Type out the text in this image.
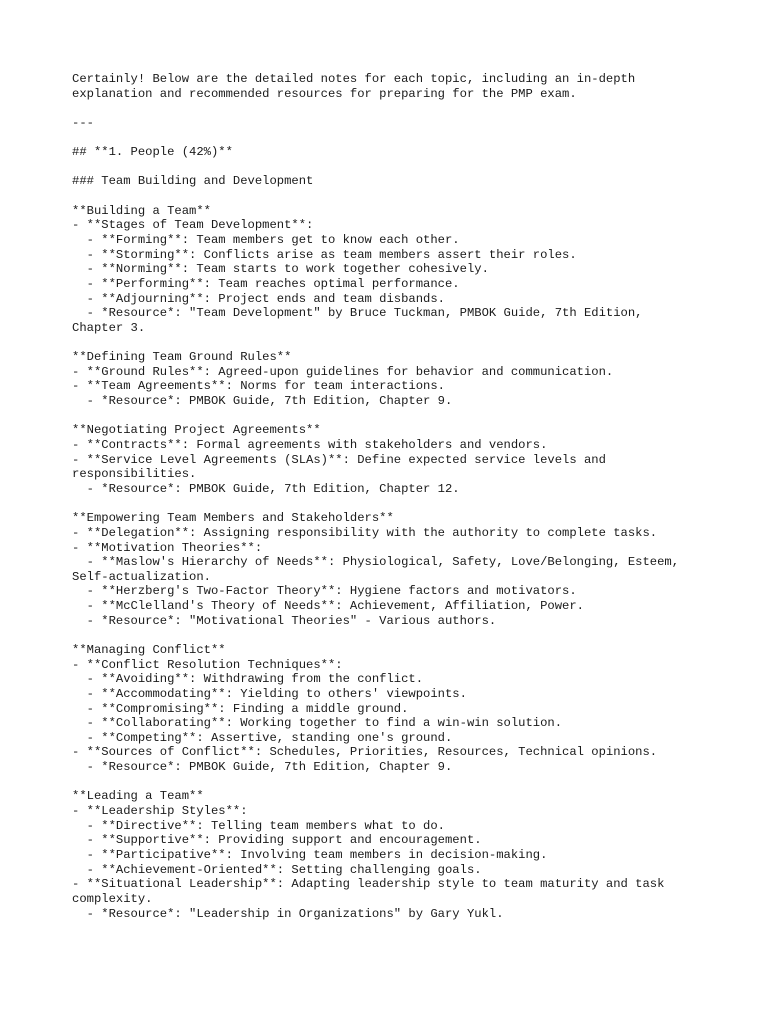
Certainly! Below are the detailed notes for each topic, including an in-depth
explanation and recommended resources for preparing for the PMP exam.
---
## **1. People (42%)**
### Team Building and Development
**Building a Team**
- **Stages of Team Development**:
- **Forming**: Team members get to know each other.
- **Storming**: Conflicts arise as team members assert their roles.
- **Norming**: Team starts to work together cohesively.
- **Performing**: Team reaches optimal performance.
- **Adjourning**: Project ends and team disbands.
- *Resource*: "Team Development" by Bruce Tuckman, PMBOK Guide, 7th Edition,
Chapter 3.
**Defining Team Ground Rules**
- **Ground Rules**: Agreed-upon guidelines for behavior and communication.
- **Team Agreements**: Norms for team interactions.
- *Resource*: PMBOK Guide, 7th Edition, Chapter 9.
**Negotiating Project Agreements**
- **Contracts**: Formal agreements with stakeholders and vendors.
- **Service Level Agreements (SLAs)**: Define expected service levels and
responsibilities.
- *Resource*: PMBOK Guide, 7th Edition, Chapter 12.
**Empowering Team Members and Stakeholders**
- **Delegation**: Assigning responsibility with the authority to complete tasks.
- **Motivation Theories**:
- **Maslow's Hierarchy of Needs**: Physiological, Safety, Love/Belonging, Esteem,
Self-actualization.
- **Herzberg's Two-Factor Theory**: Hygiene factors and motivators.
- **McClelland's Theory of Needs**: Achievement, Affiliation, Power.
- *Resource*: "Motivational Theories" - Various authors.
**Managing Conflict**
- **Conflict Resolution Techniques**:
- **Avoiding**: Withdrawing from the conflict.
- **Accommodating**: Yielding to others' viewpoints.
- **Compromising**: Finding a middle ground.
- **Collaborating**: Working together to find a win-win solution.
- **Competing**: Assertive, standing one's ground.
- **Sources of Conflict**: Schedules, Priorities, Resources, Technical opinions.
- *Resource*: PMBOK Guide, 7th Edition, Chapter 9.
**Leading a Team**
- **Leadership Styles**:
- **Directive**: Telling team members what to do.
- **Supportive**: Providing support and encouragement.
- **Participative**: Involving team members in decision-making.
- **Achievement-Oriented**: Setting challenging goals.
- **Situational Leadership**: Adapting leadership style to team maturity and task
complexity.
- *Resource*: "Leadership in Organizations" by Gary Yukl.
